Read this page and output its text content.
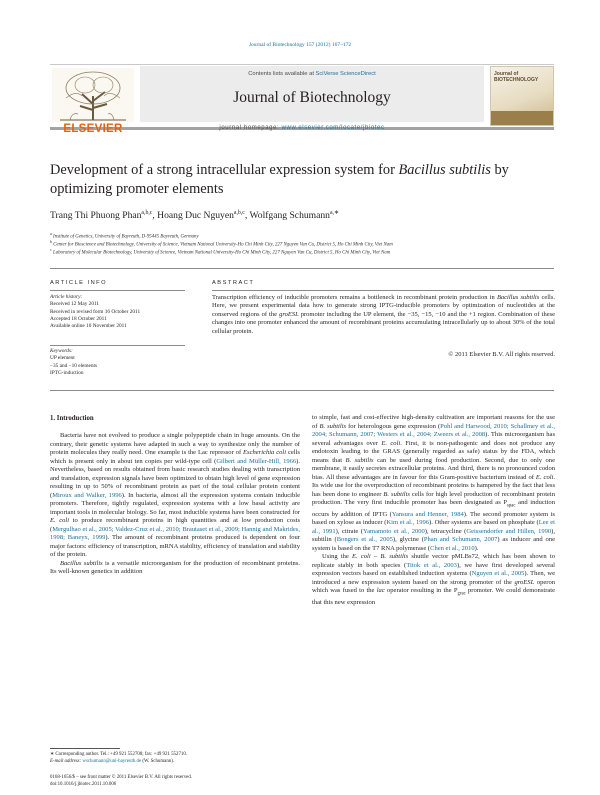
Journal of Biotechnology 157 (2012) 167–172
ELSEVIER
Contents lists available at SciVerse ScienceDirect
Journal of Biotechnology
Journal of BIOTECHNOLOGY
journal homepage: www.elsevier.com/locate/jbiotec
Development of a strong intracellular expression system for Bacillus subtilis by optimizing promoter elements
Trang Thi Phuong Phan$^{a,b,c}$, Hoang Duc Nguyen$^{a,b,c}$, Wolfgang Schumann$^{a,∗}$
$^a$ Institute of Genetics, University of Bayreuth, D-95445 Bayreuth, Germany
$^b$ Center for Bioscience and Biotechnology, University of Science, Vietnam National University-Ho Chi Minh City, 227 Nguyen Van Cu, District 5, Ho Chi Minh City, Viet Nam
$^c$ Laboratory of Molecular Biotechnology, University of Science, Vietnam National University-Ho Chi Minh City, 227 Nguyen Van Cu, District 5, Ho Chi Minh City, Viet Nam
ARTICLE INFO	ABSTRACT
Article history:
Received 12 May 2011
Received in revised form 16 October 2011
Accepted 18 October 2011
Available online 10 November 2011
Keywords:
UP element
−35 and −10 elements
IPTG-induction
Transcription efficiency of inducible promoters remains a bottleneck in recombinant protein production in Bacillus subtilis cells. Here, we present experimental data how to generate strong IPTG-inducible promoters by optimization of nucleotides at the conserved regions of the groESL promoter including the UP element, the −35, −15, −10 and the +1 region. Combination of these changes into one promoter enhanced the amount of recombinant proteins accumulating intracellularly up to about 30% of the total cellular protein.
© 2011 Elsevier B.V. All rights reserved.
1. Introduction

Bacteria have not evolved to produce a single polypeptide chain in huge amounts. On the contrary, their genetic systems have adapted in such a way to synthesize only the number of protein molecules they really need. One example is the Lac repressor of Escherichia coli cells which is present only in about ten copies per wild-type cell (Gilbert and Müller-Hill, 1966). Nevertheless, based on results obtained from basic research studies dealing with transcription and translation, expression signals have been optimized to obtain high level of gene expression resulting in up to 50% of recombinant protein as part of the total cellular protein content (Miroux and Walker, 1996). In bacteria, almost all the expression systems contain inducible promoters. Therefore, tightly regulated, expression systems with a low basal activity are important tools in molecular biology. So far, most inducible systems have been constructed for E. coli to produce recombinant proteins in high quantities and at low production costs (Mergulhao et al., 2005; Valdez-Cruz et al., 2010; Brautaset et al., 2009; Hannig and Makrides, 1998; Baneyx, 1999). The amount of recombinant proteins produced is dependent on four major factors: efficiency of transcription, mRNA stability, efficiency of translation and stability of the protein.

Bacillus subtilis is a versatile microorganism for the production of recombinant proteins. Its well-known genetics in addition

to simple, fast and cost-effective high-density cultivation are important reasons for the use of B. subtilis for heterologous gene expression (Pohl and Harwood, 2010; Schallmey et al., 2004; Schumann, 2007; Westers et al., 2004; Zweers et al., 2008). This microorganism has several advantages over E. coli. First, it is non-pathogenic and does not produce any endotoxin leading to the GRAS (generally regarded as safe) status by the FDA, which means that B. subtilis can be used during food production. Second, due to only one membrane, it easily secretes extracellular proteins. And third, there is no pronounced codon bias. All these advantages are in favour for this Gram-positive bacterium instead of E. coli. Its wide use for the overproduction of recombinant proteins is hampered by the fact that less has been done to engineer B. subtilis cells for high level production of recombinant protein production. The very first inducible promoter has been designated as $P_{spac}$ and induction occurs by addition of IPTG (Yansura and Henner, 1984). The second promoter system is based on xylose as inducer (Kim et al., 1996). Other systems are based on phosphate (Lee et al., 1991), citrate (Yamamoto et al., 2000), tetracycline (Geissendorfer and Hillen, 1990), subtilin (Bongers et al., 2005), glycine (Phan and Schumann, 2007) as inducer and one system is based on the T7 RNA polymerase (Chen et al., 2010).

Using the E. coli – B. subtilis shuttle vector pMLBs72, which has been shown to replicate stably in both species (Titok et al., 2003), we have first developed several expression vectors based on established induction systems (Nguyen et al., 2005). Then, we introduced a new expression system based on the strong promoter of the groESL operon which was fused to the lac operator resulting in the $P_{grac}$ promoter. We could demonstrate that this new expression

∗ Corresponding author. Tel.: +49 921 552708; fax: +49 921 552710.
E-mail address: wschumann@uni-bayreuth.de (W. Schumann).
0168-1656/$ – see front matter © 2011 Elsevier B.V. All rights reserved.
doi:10.1016/j.jbiotec.2011.10.006
